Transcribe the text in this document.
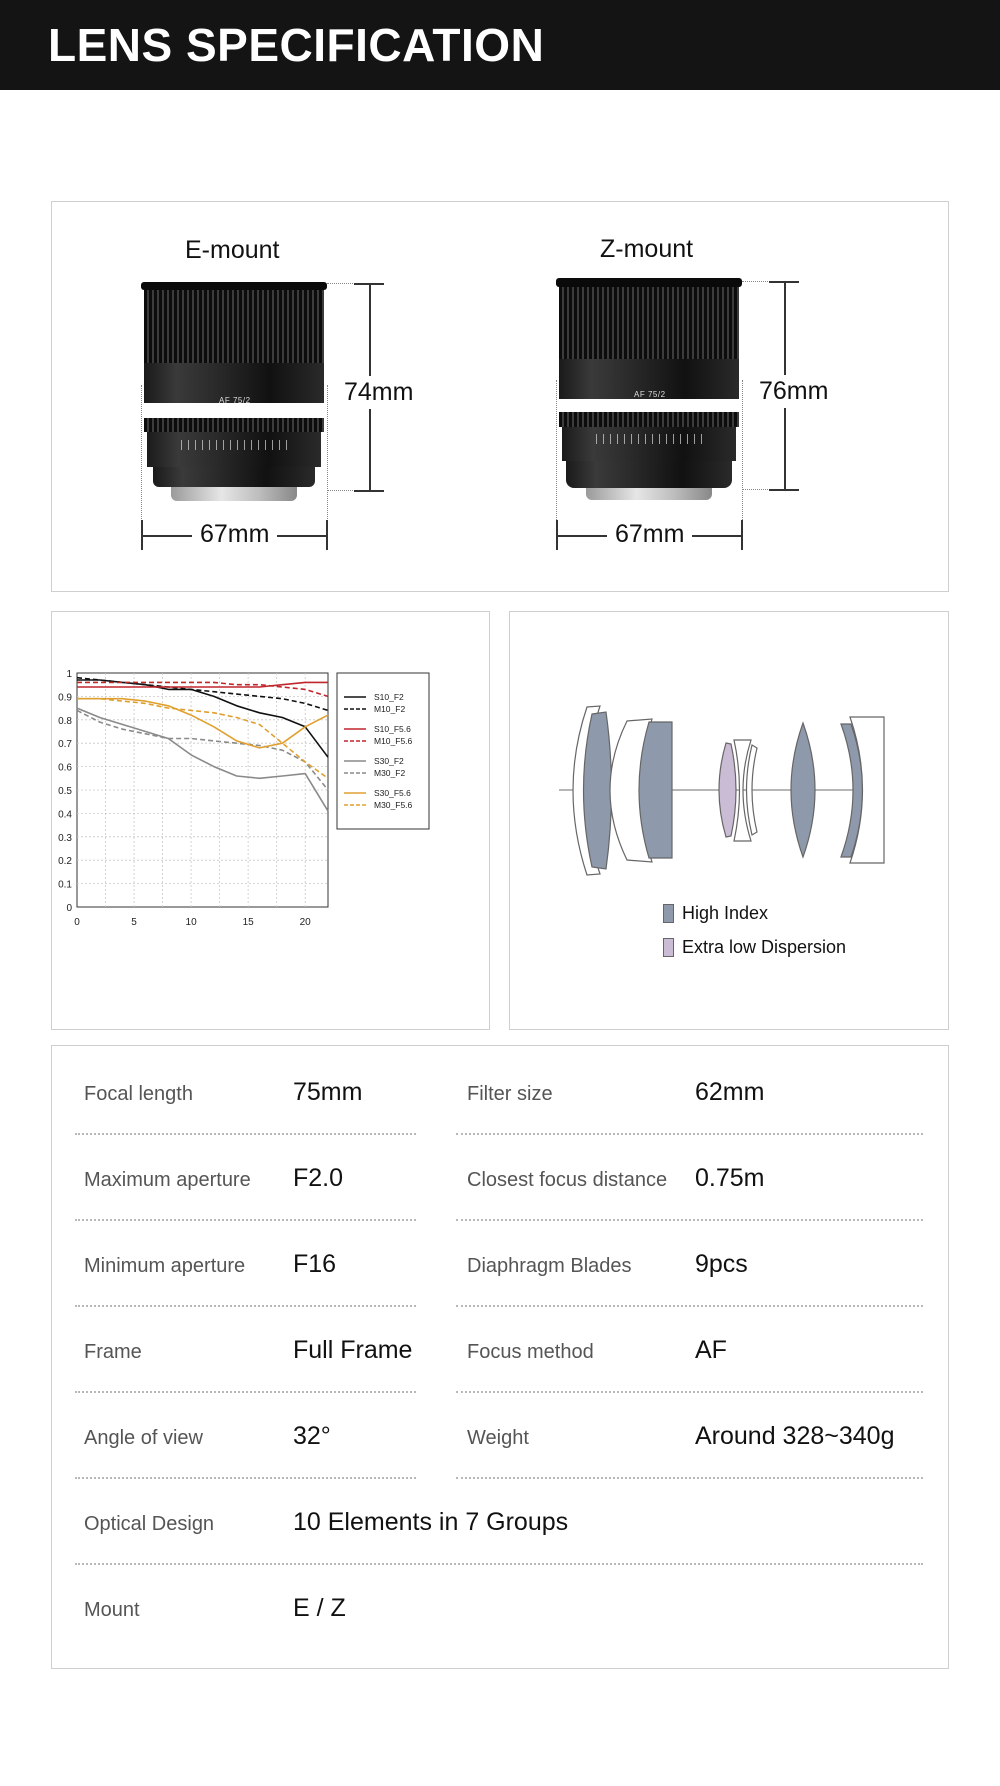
LENS SPECIFICATION
E-mount
AF 75/2	74mm
67mm
Z-mount
AF 75/2	76mm
67mm
0
0.1
0.2
0.3
0.4
0.5
0.6
0.7
0.8
0.9
1
0	5	10	15	20
S10_F2
M10_F2
S10_F5.6
M10_F5.6
S30_F2
M30_F2
S30_F5.6
M30_F5.6
High Index
Extra low Dispersion
Focal length	75mm	Filter size	62mm
Maximum aperture F2.0	Closest focus distance 0.75m
Minimum aperture F16	Diaphragm Blades	9pcs
Frame	Full Frame	Focus method	AF
Angle of view	32°	Weight	Around 328~340g
Optical Design	10 Elements in 7 Groups
Mount	E / Z
